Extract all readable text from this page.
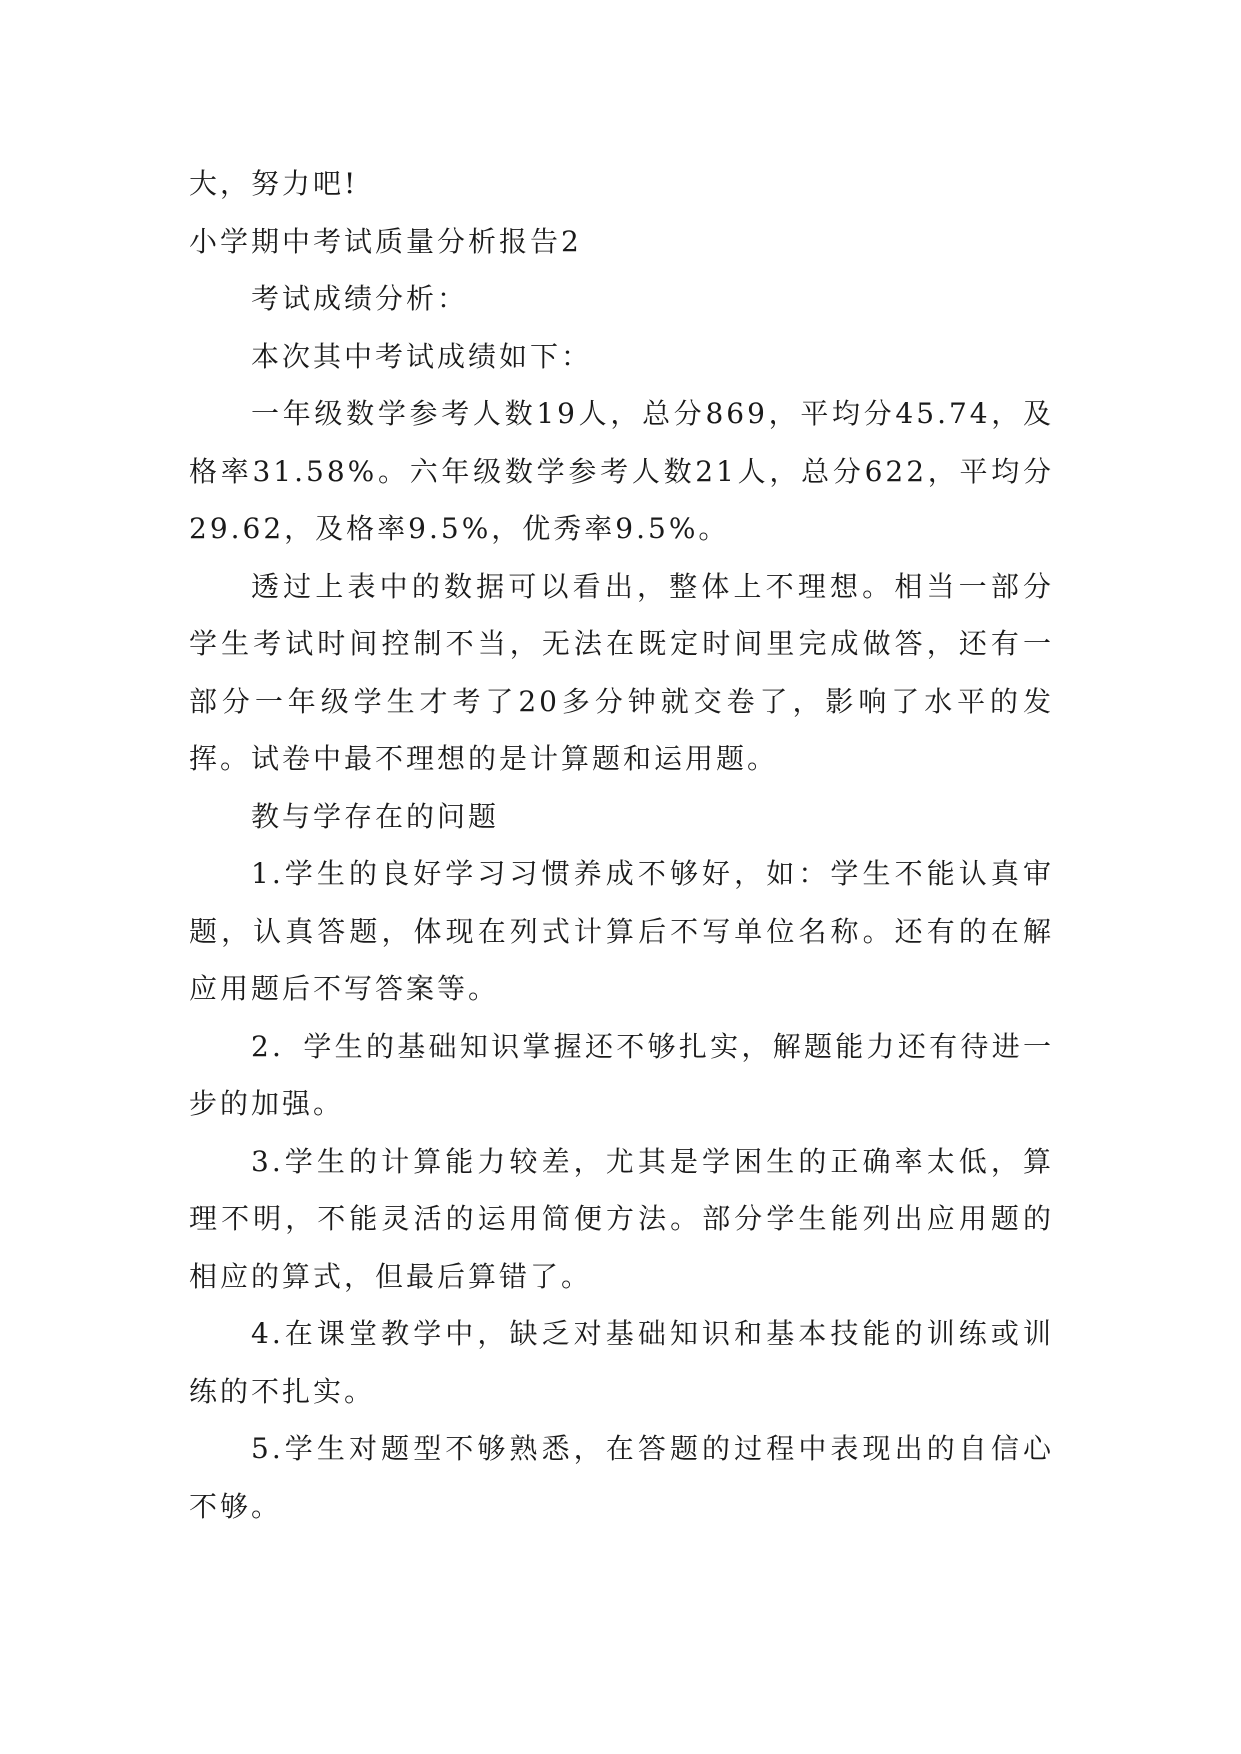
大，努力吧!

小学期中考试质量分析报告2

考试成绩分析：

本次其中考试成绩如下：

一年级数学参考人数19人，总分869，平均分45.74，及格率31.58%。六年级数学参考人数21人，总分622，平均分29.62，及格率9.5%，优秀率9.5%。

透过上表中的数据可以看出，整体上不理想。相当一部分学生考试时间控制不当，无法在既定时间里完成做答，还有一部分一年级学生才考了20多分钟就交卷了，影响了水平的发挥。试卷中最不理想的是计算题和运用题。

教与学存在的问题

1.学生的良好学习习惯养成不够好，如：学生不能认真审题，认真答题，体现在列式计算后不写单位名称。还有的在解应用题后不写答案等。

2．学生的基础知识掌握还不够扎实，解题能力还有待进一步的加强。

3.学生的计算能力较差，尤其是学困生的正确率太低，算理不明，不能灵活的运用简便方法。部分学生能列出应用题的相应的算式，但最后算错了。

4.在课堂教学中，缺乏对基础知识和基本技能的训练或训练的不扎实。

5.学生对题型不够熟悉，在答题的过程中表现出的自信心不够。
